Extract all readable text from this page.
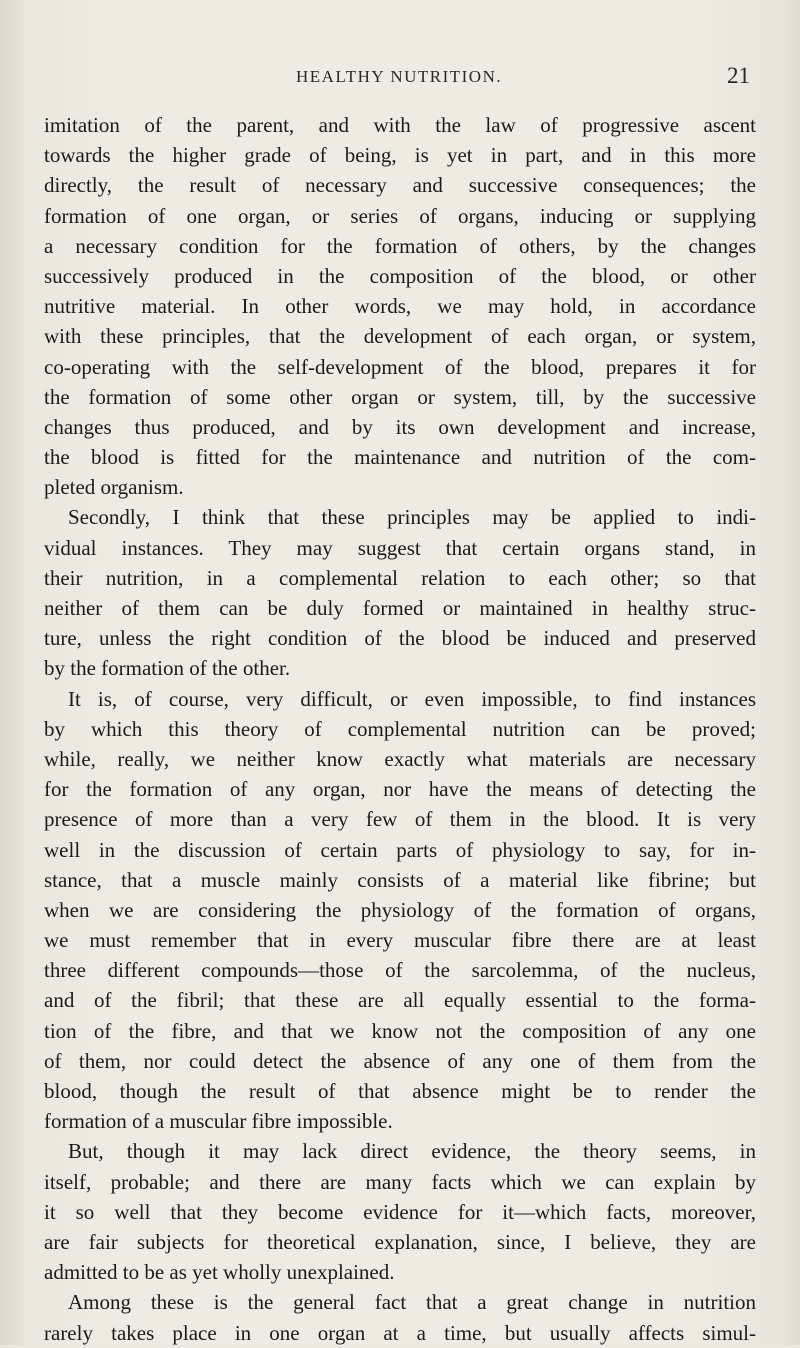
HEALTHY NUTRITION.	21
imitation of the parent, and with the law of progressive ascent
towards the higher grade of being, is yet in part, and in this more
directly, the result of necessary and successive consequences; the
formation of one organ, or series of organs, inducing or supplying
a necessary condition for the formation of others, by the changes
successively produced in the composition of the blood, or other
nutritive material. In other words, we may hold, in accordance
with these principles, that the development of each organ, or system,
co-operating with the self-development of the blood, prepares it for
the formation of some other organ or system, till, by the successive
changes thus produced, and by its own development and increase,
the blood is fitted for the maintenance and nutrition of the com-
pleted organism.
Secondly, I think that these principles may be applied to indi-
vidual instances. They may suggest that certain organs stand, in
their nutrition, in a complemental relation to each other; so that
neither of them can be duly formed or maintained in healthy struc-
ture, unless the right condition of the blood be induced and preserved
by the formation of the other.
It is, of course, very difficult, or even impossible, to find instances
by which this theory of complemental nutrition can be proved;
while, really, we neither know exactly what materials are necessary
for the formation of any organ, nor have the means of detecting the
presence of more than a very few of them in the blood. It is very
well in the discussion of certain parts of physiology to say, for in-
stance, that a muscle mainly consists of a material like fibrine; but
when we are considering the physiology of the formation of organs,
we must remember that in every muscular fibre there are at least
three different compounds—those of the sarcolemma, of the nucleus,
and of the fibril; that these are all equally essential to the forma-
tion of the fibre, and that we know not the composition of any one
of them, nor could detect the absence of any one of them from the
blood, though the result of that absence might be to render the
formation of a muscular fibre impossible.
But, though it may lack direct evidence, the theory seems, in
itself, probable; and there are many facts which we can explain by
it so well that they become evidence for it—which facts, moreover,
are fair subjects for theoretical explanation, since, I believe, they are
admitted to be as yet wholly unexplained.
Among these is the general fact that a great change in nutrition
rarely takes place in one organ at a time, but usually affects simul-
